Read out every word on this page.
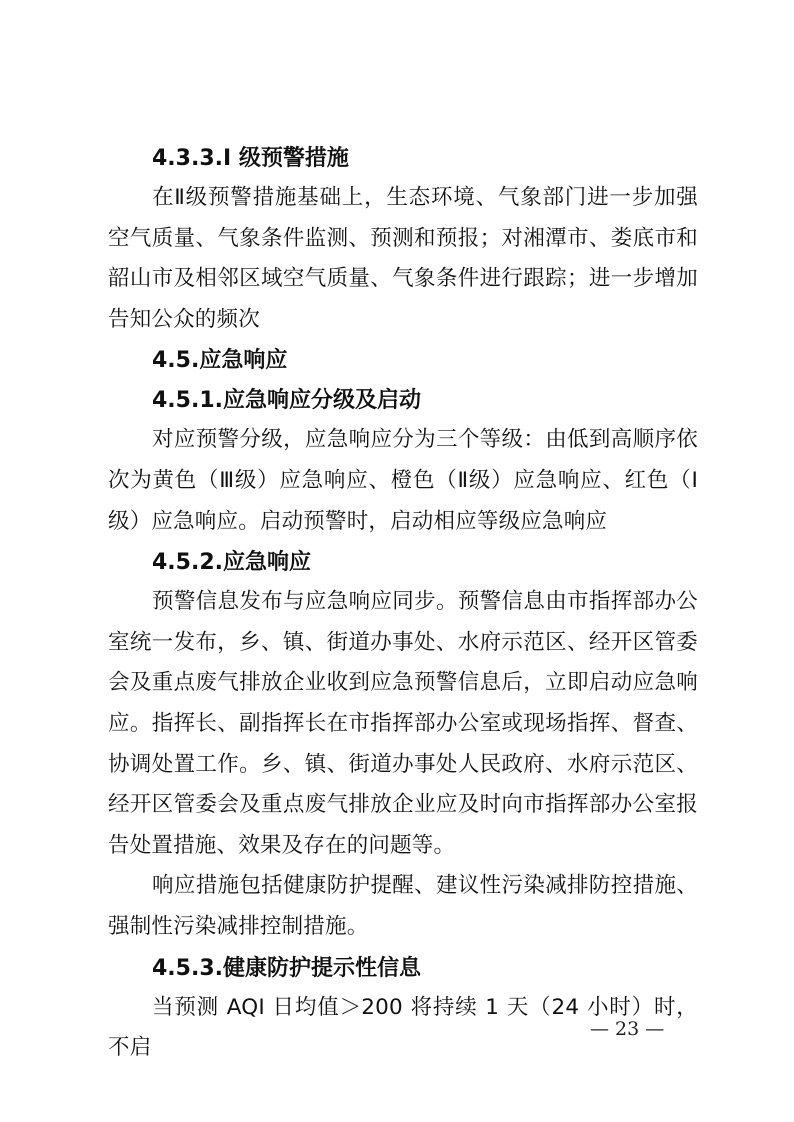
4.3.3.I 级预警措施

在Ⅱ级预警措施基础上，生态环境、气象部门进一步加强空气质量、气象条件监测、预测和预报；对湘潭市、娄底市和韶山市及相邻区域空气质量、气象条件进行跟踪；进一步增加告知公众的频次

4.5.应急响应

4.5.1.应急响应分级及启动

对应预警分级，应急响应分为三个等级：由低到高顺序依次为黄色（Ⅲ级）应急响应、橙色（Ⅱ级）应急响应、红色（Ⅰ级）应急响应。启动预警时，启动相应等级应急响应

4.5.2.应急响应

预警信息发布与应急响应同步。预警信息由市指挥部办公室统一发布，乡、镇、街道办事处、水府示范区、经开区管委会及重点废气排放企业收到应急预警信息后，立即启动应急响应。指挥长、副指挥长在市指挥部办公室或现场指挥、督查、协调处置工作。乡、镇、街道办事处人民政府、水府示范区、经开区管委会及重点废气排放企业应及时向市指挥部办公室报告处置措施、效果及存在的问题等。

响应措施包括健康防护提醒、建议性污染减排防控措施、强制性污染减排控制措施。

4.5.3.健康防护提示性信息

当预测 AQI 日均值＞200 将持续 1 天（24 小时）时，不启

— 23 —
